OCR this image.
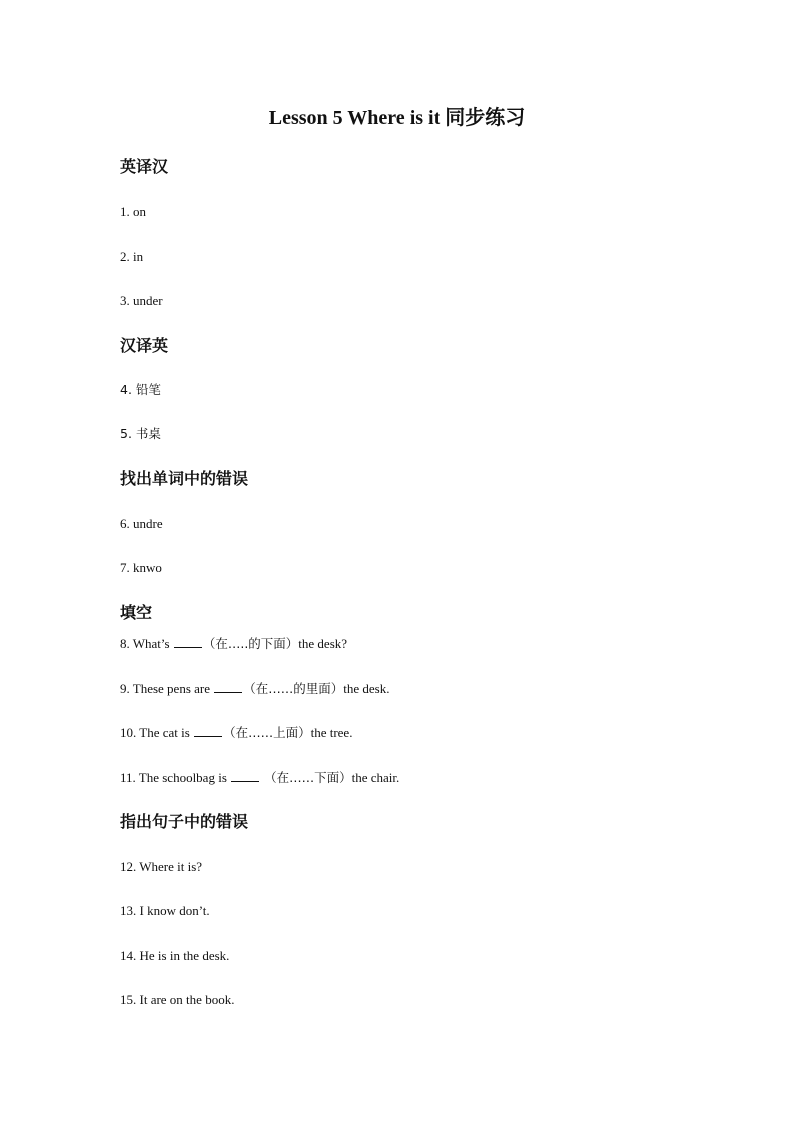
Lesson 5 Where is it 同步练习
英译汉
1. on
2. in
3. under
汉译英
4. 铅笔
5. 书桌
找出单词中的错误
6. undre
7. knwo
填空
8. What’s （在…..的下面）the desk?
9. These pens are （在……的里面）the desk.
10. The cat is （在……上面）the tree.
11. The schoolbag is  （在……下面）the chair.
指出句子中的错误
12. Where it is?
13. I know don’t.
14. He is in the desk.
15. It are on the book.
